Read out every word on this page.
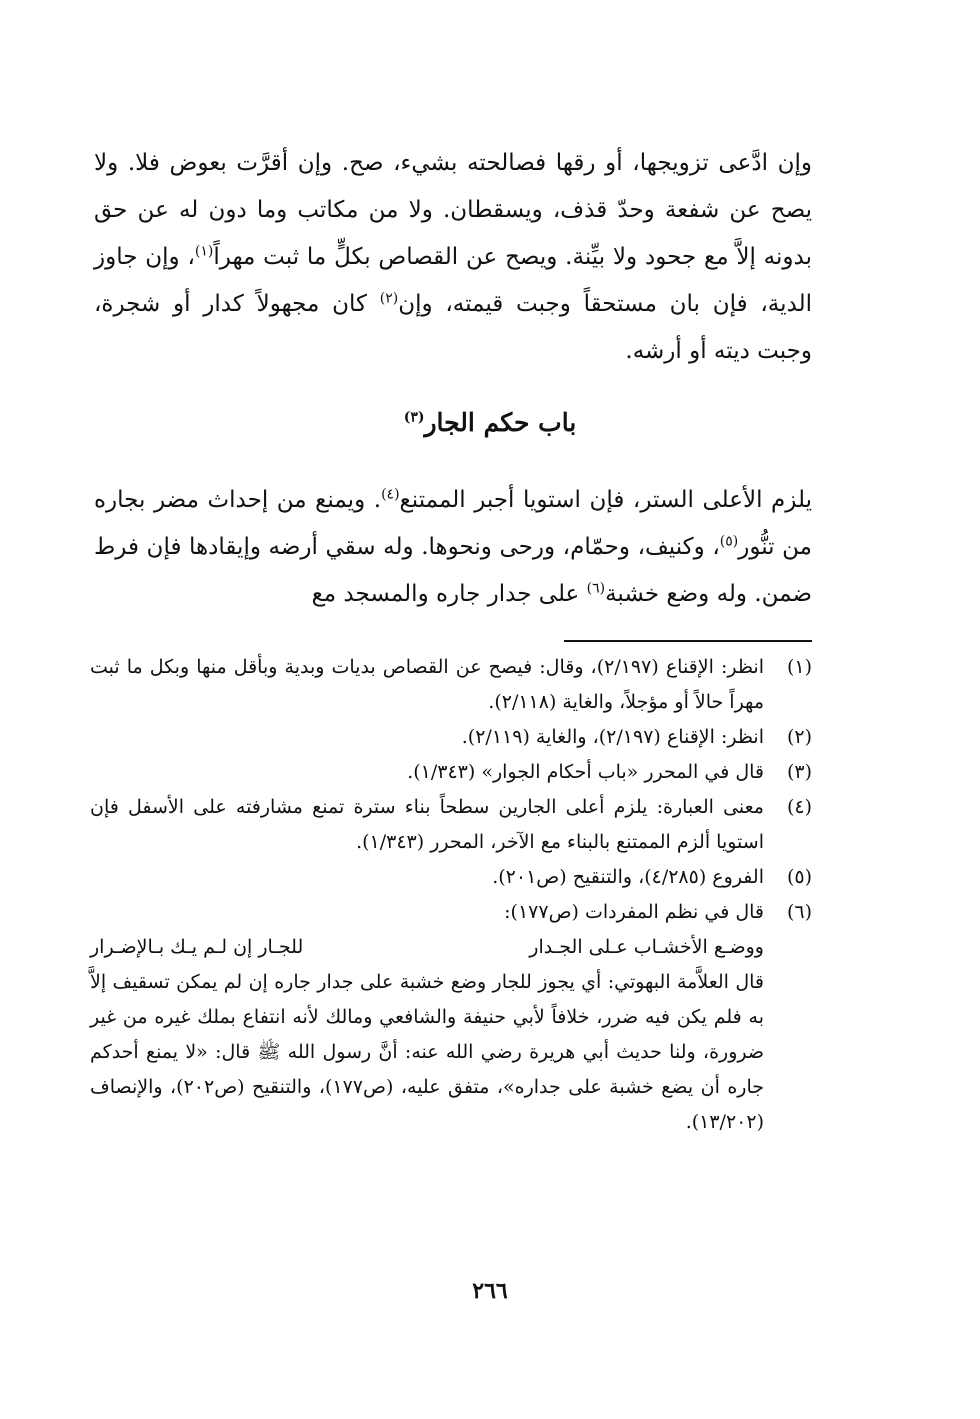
وإن ادَّعى تزويجها، أو رقها فصالحته بشيء، صح. وإن أقرَّت بعوض فلا. ولا يصح عن شفعة وحدّ قذف، ويسقطان. ولا من مكاتب وما دون له عن حق بدونه إلاَّ مع جحود ولا بيِّنة. ويصح عن القصاص بكلٍّ ما ثبت مهراً$^{(١)}$، وإن جاوز الدية، فإن بان مستحقاً وجبت قيمته، وإن$^{(٢)}$ كان مجهولاً كدار أو شجرة، وجبت ديته أو أرشه.

باب حكم الجار$^{(٣)}$

يلزم الأعلى الستر، فإن استويا أجبر الممتنع$^{(٤)}$. ويمنع من إحداث مضر بجاره من تنُّور$^{(٥)}$، وكنيف، وحمّام، ورحى ونحوها. وله سقي أرضه وإيقادها فإن فرط ضمن. وله وضع خشبة$^{(٦)}$ على جدار جاره والمسجد مع

(١)
انظر: الإقناع (٢/١٩٧)، وقال: فيصح عن القصاص بديات وبدية وبأقل منها وبكل ما ثبت مهراً حالاً أو مؤجلاً، والغاية (٢/١١٨).
(٢)
انظر: الإقناع (٢/١٩٧)، والغاية (٢/١١٩).
(٣)
قال في المحرر «باب أحكام الجوار» (١/٣٤٣).
(٤)
معنى العبارة: يلزم أعلى الجارين سطحاً بناء سترة تمنع مشارفته على الأسفل فإن استويا ألزم الممتنع بالبناء مع الآخر، المحرر (١/٣٤٣).
(٥)
الفروع (٤/٢٨٥)، والتنقيح (ص٢٠١).
(٦)
قال في نظم المفردات (ص١٧٧):
ووضـع الأخشـاب عـلى الجـدار
للجـار إن لـم يـك بـالإضـرار
قال العلاَّمة البهوتي: أي يجوز للجار وضع خشبة على جدار جاره إن لم يمكن تسقيف إلاَّ به فلم يكن فيه ضرر، خلافاً لأبي حنيفة والشافعي ومالك لأنه انتفاع بملك غيره من غير ضرورة، ولنا حديث أبي هريرة رضي الله عنه: أنَّ رسول الله ﷺ قال: «لا يمنع أحدكم جاره أن يضع خشبة على جداره»، متفق عليه، (ص١٧٧)، والتنقيح (ص٢٠٢)، والإنصاف (١٣/٢٠٢).
٢٦٦
